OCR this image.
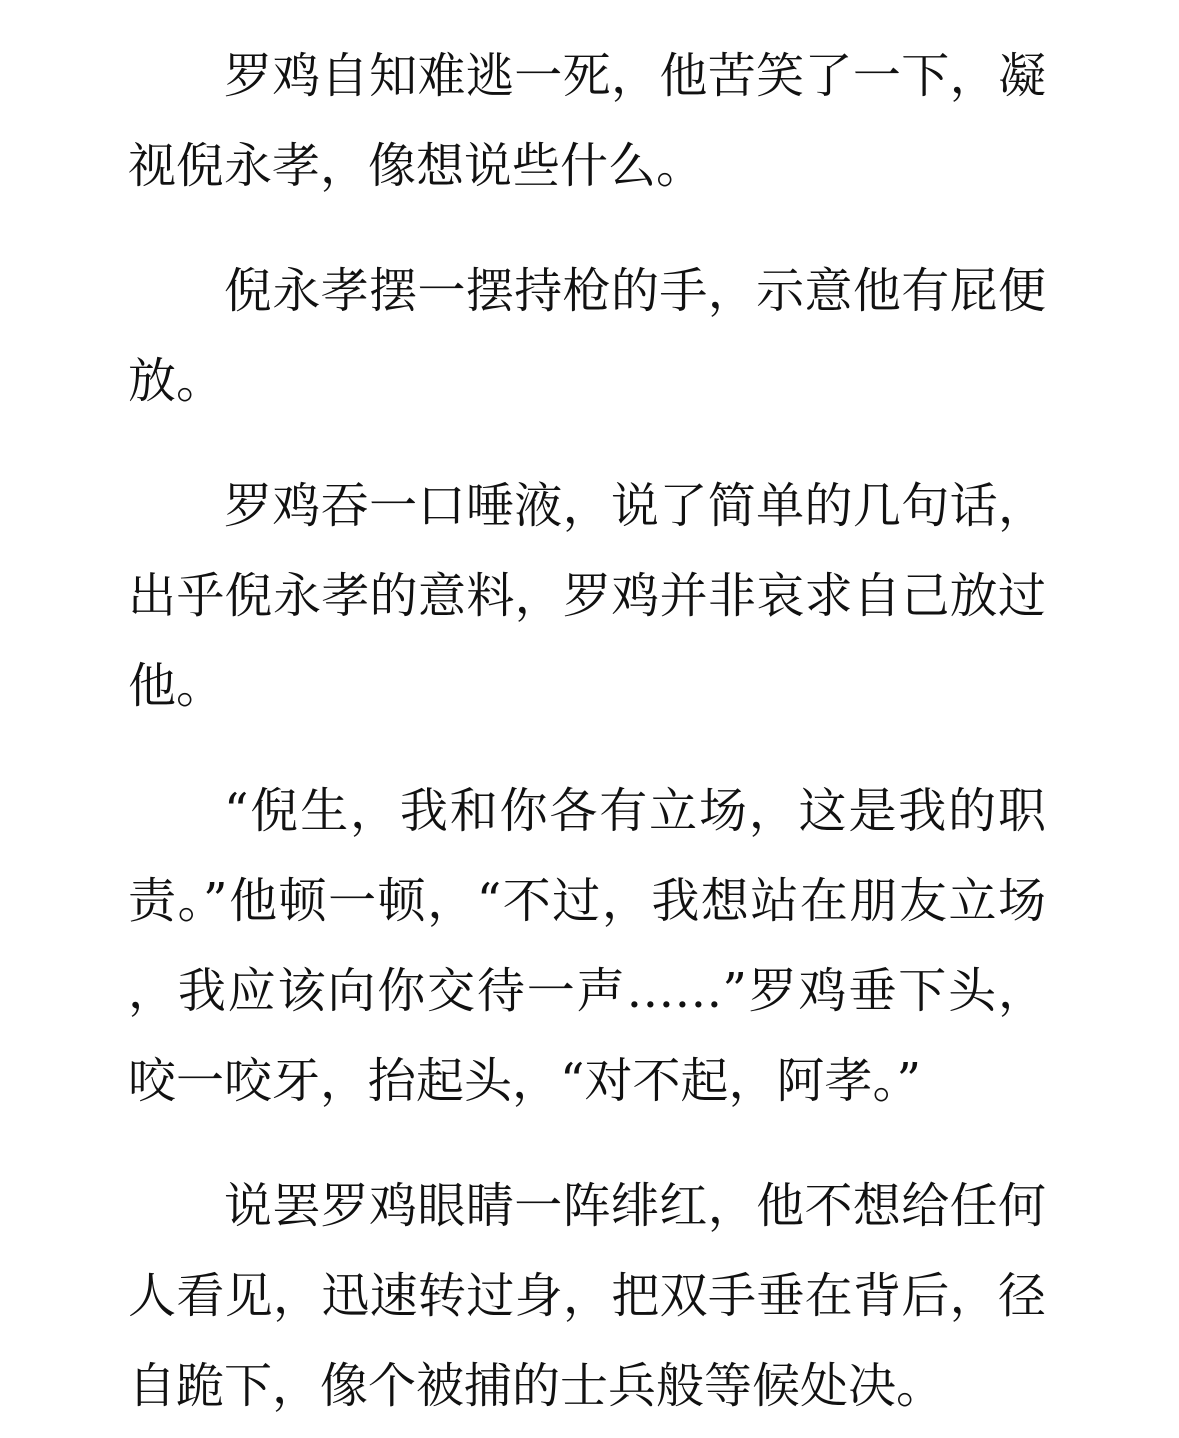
罗鸡自知难逃一死，他苦笑了一下，凝视倪永孝，像想说些什么。

倪永孝摆一摆持枪的手，示意他有屁便放。

罗鸡吞一口唾液，说了简单的几句话，出乎倪永孝的意料，罗鸡并非哀求自己放过他。

“倪生，我和你各有立场，这是我的职责。”他顿一顿，“不过，我想站在朋友立场，我应该向你交待一声……”罗鸡垂下头，咬一咬牙，抬起头，“对不起，阿孝。”

说罢罗鸡眼睛一阵绯红，他不想给任何人看见，迅速转过身，把双手垂在背后，径自跪下，像个被捕的士兵般等候处决。
